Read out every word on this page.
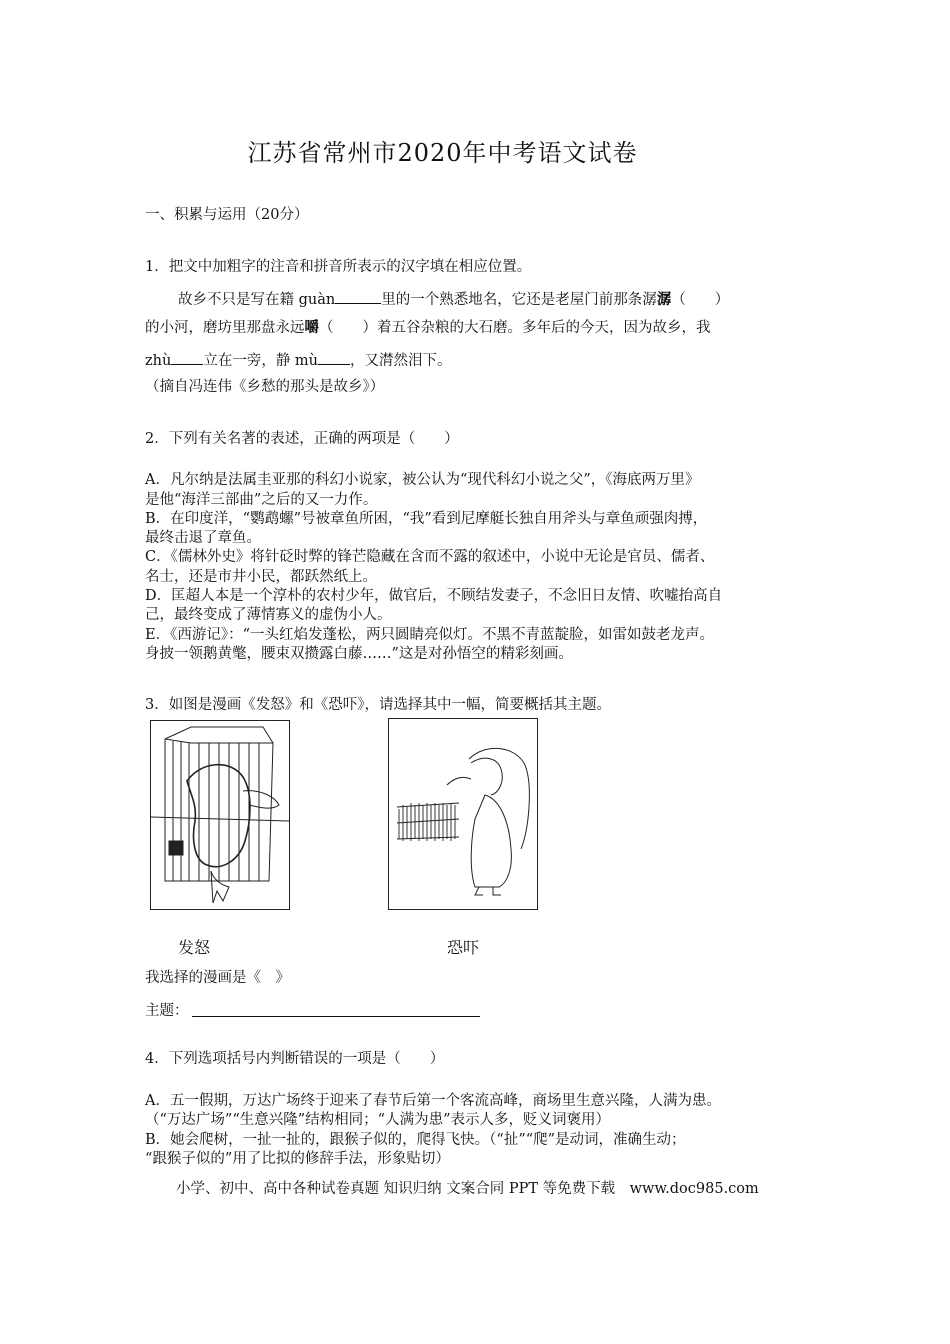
江苏省常州市2020年中考语文试卷
一、积累与运用（20分）
1．把文中加粗字的注音和拼音所表示的汉字填在相应位置。
故乡不只是写在籍 guàn	里的一个熟悉地名，它还是老屋门前那条潺潺（　　）
的小河，磨坊里那盘永远嚼（　　）着五谷杂粮的大石磨。多年后的今天，因为故乡，我
zhù 立在一旁，静 mù ，又潸然泪下。
（摘自冯连伟《乡愁的那头是故乡》）
2．下列有关名著的表述，正确的两项是（　　）
A．凡尔纳是法属圭亚那的科幻小说家，被公认为“现代科幻小说之父”，《海底两万里》
是他“海洋三部曲”之后的又一力作。
B．在印度洋，“鹦鹉螺”号被章鱼所困，“我”看到尼摩艇长独自用斧头与章鱼顽强肉搏，
最终击退了章鱼。
C．《儒林外史》将针砭时弊的锋芒隐藏在含而不露的叙述中，小说中无论是官员、儒者、
名士，还是市井小民，都跃然纸上。
D．匡超人本是一个淳朴的农村少年，做官后，不顾结发妻子，不念旧日友情、吹嘘抬高自
己，最终变成了薄情寡义的虚伪小人。
E．《西游记》：“一头红焰发蓬松，两只圆睛亮似灯。不黑不青蓝靛脸，如雷如鼓老龙声。
身披一领鹅黄氅，腰束双攒露白藤……”这是对孙悟空的精彩刻画。
3．如图是漫画《发怒》和《恐吓》，请选择其中一幅，简要概括其主题。
发怒	恐吓
我选择的漫画是《　》
主题：
4．下列选项括号内判断错误的一项是（　　）
A．五一假期，万达广场终于迎来了春节后第一个客流高峰，商场里生意兴隆，人满为患。
（“万达广场”“生意兴隆”结构相同；“人满为患”表示人多，贬义词褒用）
B．她会爬树，一扯一扯的，跟猴子似的，爬得飞快。（“扯”“爬”是动词，准确生动；
“跟猴子似的”用了比拟的修辞手法，形象贴切）
小学、初中、高中各种试卷真题 知识归纳 文案合同 PPT 等免费下载　www.doc985.com
